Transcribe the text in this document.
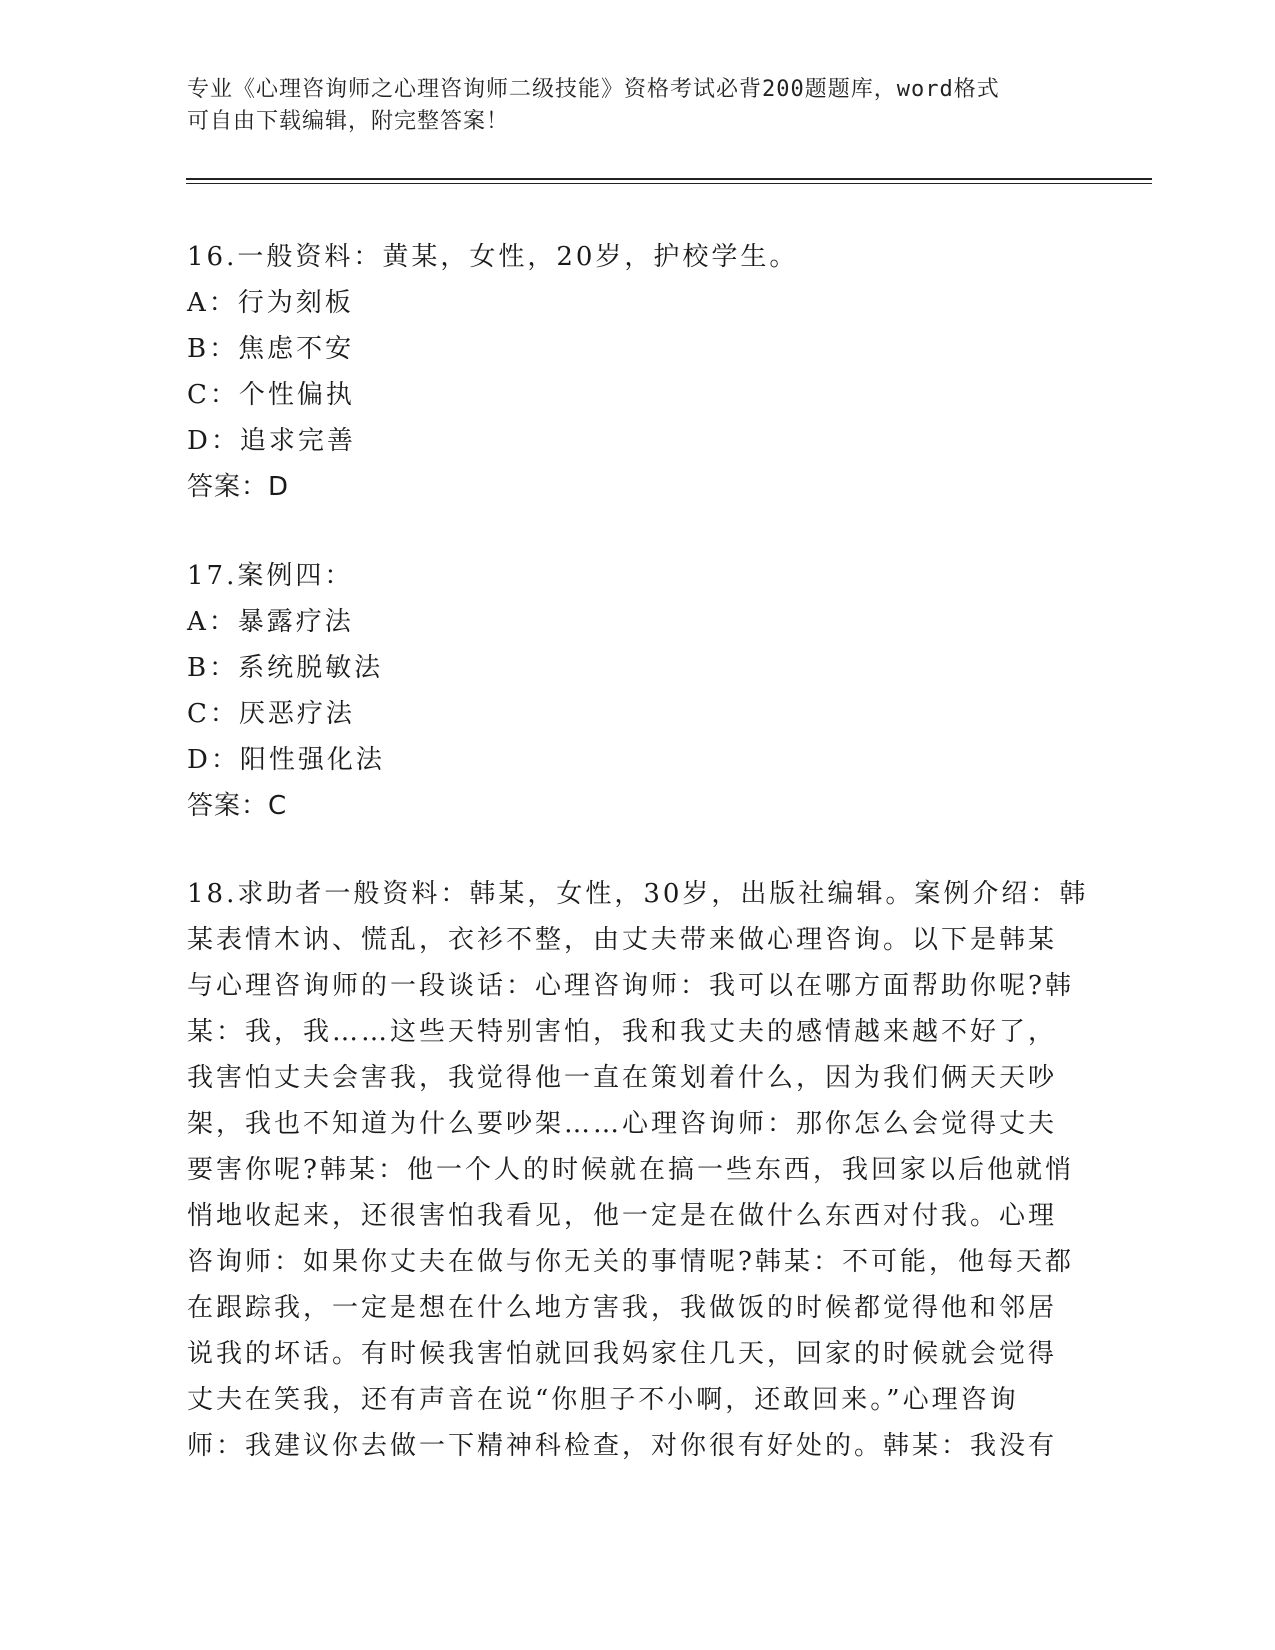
专业《心理咨询师之心理咨询师二级技能》资格考试必背200题题库，word格式
可自由下载编辑，附完整答案！
16.一般资料：黄某，女性，20岁，护校学生。
A：行为刻板
B：焦虑不安
C：个性偏执
D：追求完善
答案：D
17.案例四：
A：暴露疗法
B：系统脱敏法
C：厌恶疗法
D：阳性强化法
答案：C
18.求助者一般资料：韩某，女性，30岁，出版社编辑。案例介绍：韩
某表情木讷、慌乱，衣衫不整，由丈夫带来做心理咨询。以下是韩某
与心理咨询师的一段谈话：心理咨询师：我可以在哪方面帮助你呢?韩
某：我，我……这些天特别害怕，我和我丈夫的感情越来越不好了，
我害怕丈夫会害我，我觉得他一直在策划着什么，因为我们俩天天吵
架，我也不知道为什么要吵架……心理咨询师：那你怎么会觉得丈夫
要害你呢?韩某：他一个人的时候就在搞一些东西，我回家以后他就悄
悄地收起来，还很害怕我看见，他一定是在做什么东西对付我。心理
咨询师：如果你丈夫在做与你无关的事情呢?韩某：不可能，他每天都
在跟踪我，一定是想在什么地方害我，我做饭的时候都觉得他和邻居
说我的坏话。有时候我害怕就回我妈家住几天，回家的时候就会觉得
丈夫在笑我，还有声音在说“你胆子不小啊，还敢回来。”心理咨询
师：我建议你去做一下精神科检查，对你很有好处的。韩某：我没有
